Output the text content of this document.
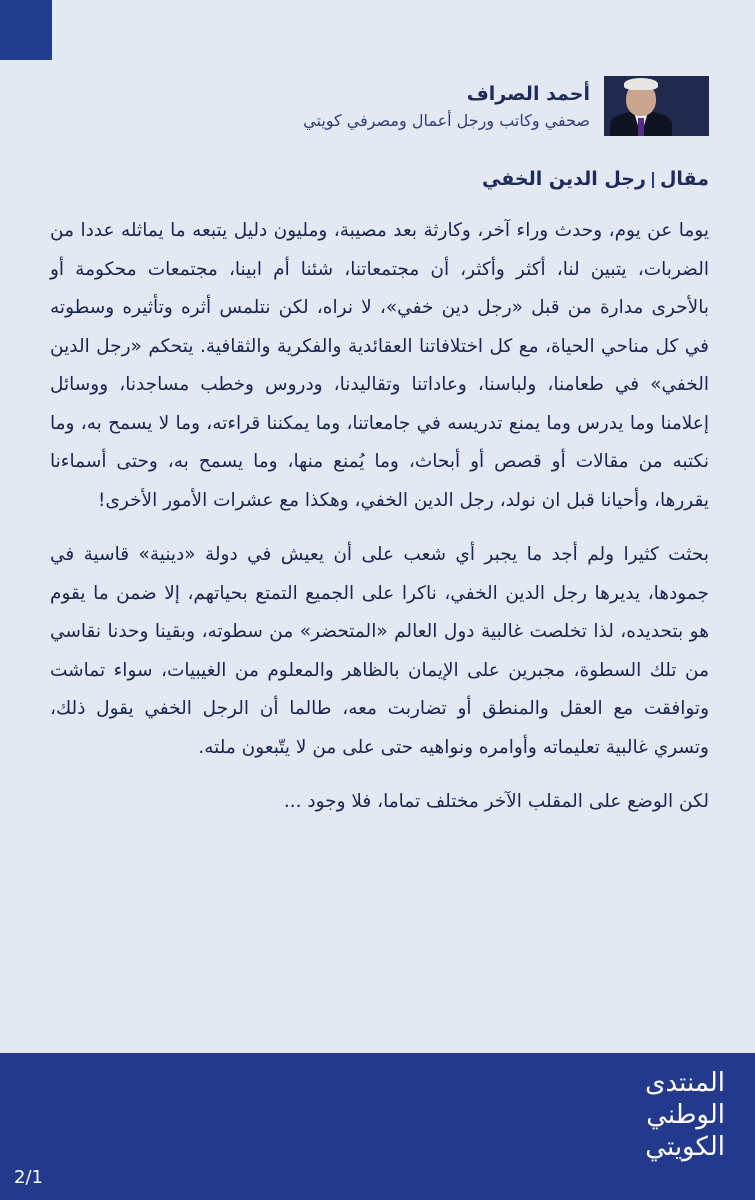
أحمد الصراف
صحفي وكاتب ورجل أعمال ومصرفي كويتي
مقالرجل الدين الخفي

يوما عن يوم، وحدث وراء آخر، وكارثة بعد مصيبة، ومليون دليل يتبعه ما يماثله عددا من الضربات، يتبين لنا، أكثر وأكثر، أن مجتمعاتنا، شئنا أم ابينا، مجتمعات محكومة أو بالأحرى مدارة من قبل «رجل دين خفي»، لا نراه، لكن نتلمس أثره وتأثيره وسطوته في كل مناحي الحياة، مع كل اختلافاتنا العقائدية والفكرية والثقافية. يتحكم «رجل الدين الخفي» في طعامنا، ولباسنا، وعاداتنا وتقاليدنا، ودروس وخطب مساجدنا، ووسائل إعلامنا وما يدرس وما يمنع تدريسه في جامعاتنا، وما يمكننا قراءته، وما لا يسمح به، وما نكتبه من مقالات أو قصص أو أبحاث، وما يُمنع منها، وما يسمح به، وحتى أسماءنا يقررها، وأحيانا قبل ان نولد، رجل الدين الخفي، وهكذا مع عشرات الأمور الأخرى!

بحثت كثيرا ولم أجد ما يجبر أي شعب على أن يعيش في دولة «دينية» قاسية في جمودها، يديرها رجل الدين الخفي، ناكرا على الجميع التمتع بحياتهم، إلا ضمن ما يقوم هو بتحديده، لذا تخلصت غالبية دول العالم «المتحضر» من سطوته، وبقينا وحدنا نقاسي من تلك السطوة، مجبرين على الإيمان بالظاهر والمعلوم من الغيبيات، سواء تماشت وتوافقت مع العقل والمنطق أو تضاربت معه، طالما أن الرجل الخفي يقول ذلك، وتسري غالبية تعليماته وأوامره ونواهيه حتى على من لا يتّبعون ملته.

لكن الوضع على المقلب الآخر مختلف تماما، فلا وجود ...

المنتدى
الوطني
الكويتي
2/1
